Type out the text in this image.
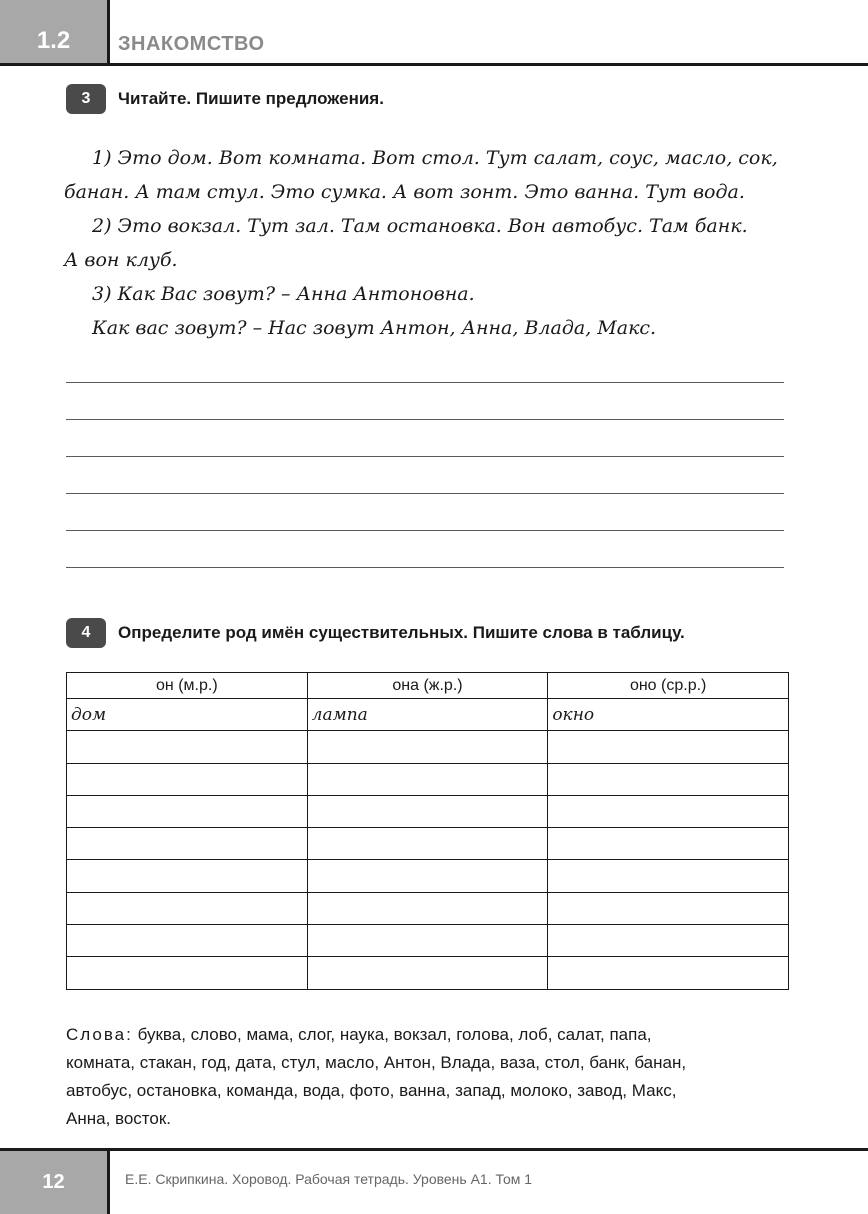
1.2	ЗНАКОМСТВО
3	Читайте. Пишите предложения.
1) Это дом. Вот комната. Вот стол. Тут салат, соус, масло, сок,
банан. А там стул. Это сумка. А вот зонт. Это ванна. Тут вода.
2) Это вокзал. Тут зал. Там остановка. Вон автобус. Там банк.
А вон клуб.
3) Как Вас зовут? – Анна Антоновна.
Как вас зовут? – Нас зовут Антон, Анна, Влада, Макс.
4	Определите род имён существительных. Пишите слова в таблицу.
он (м.р.)	она (ж.р.)	оно (ср.р.)
дом	лампа	окно

Слова: буква, слово, мама, слог, наука, вокзал, голова, лоб, салат, папа,
комната, стакан, год, дата, стул, масло, Антон, Влада, ваза, стол, банк, банан,
автобус, остановка, команда, вода, фото, ванна, запад, молоко, завод, Макс,
Анна, восток.
12	Е.Е. Скрипкина. Хоровод. Рабочая тетрадь. Уровень А1. Том 1
